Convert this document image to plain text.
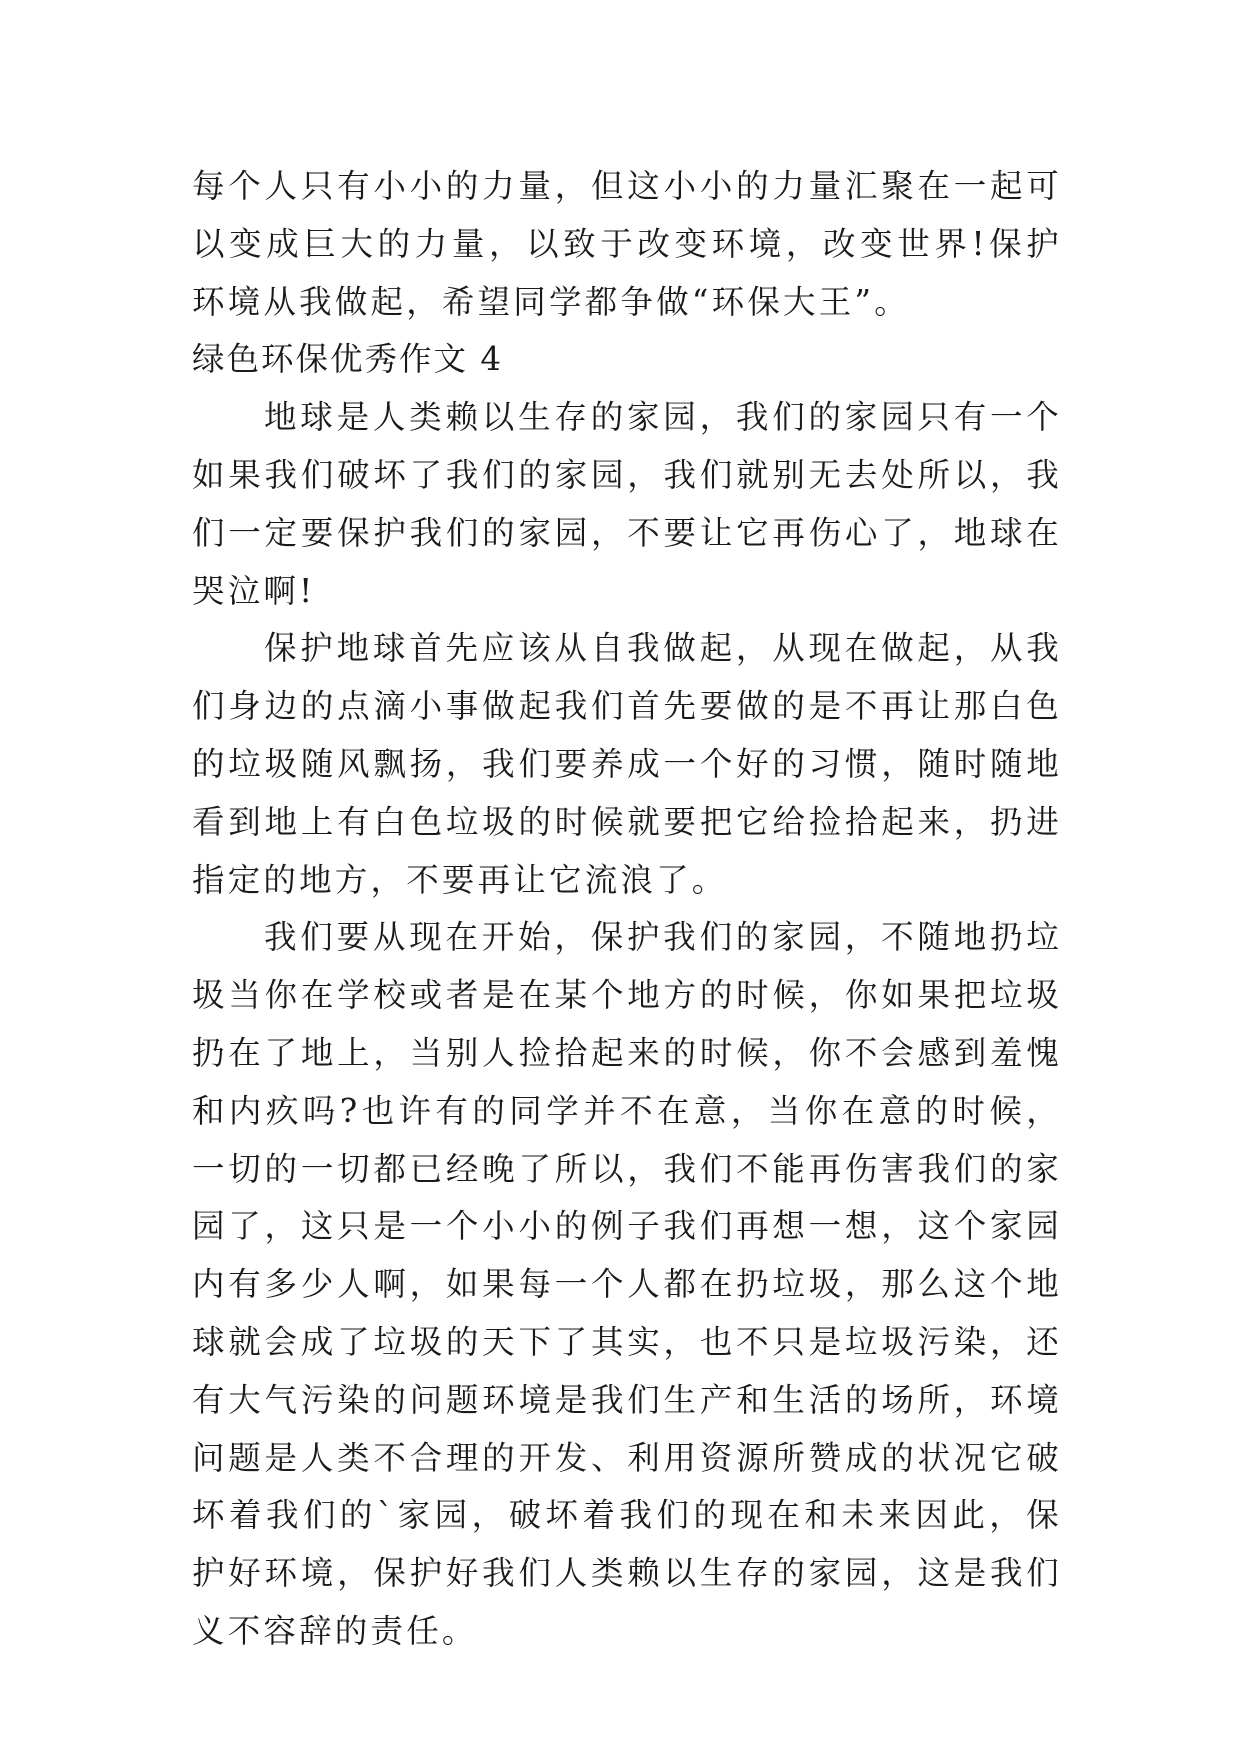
每个人只有小小的力量，但这小小的力量汇聚在一起可以变成巨大的力量，以致于改变环境，改变世界!保护环境从我做起，希望同学都争做“环保大王”。

绿色环保优秀作文 4

地球是人类赖以生存的家园，我们的家园只有一个如果我们破坏了我们的家园，我们就别无去处所以，我们一定要保护我们的家园，不要让它再伤心了，地球在哭泣啊!

保护地球首先应该从自我做起，从现在做起，从我们身边的点滴小事做起我们首先要做的是不再让那白色的垃圾随风飘扬，我们要养成一个好的习惯，随时随地看到地上有白色垃圾的时候就要把它给捡拾起来，扔进指定的地方，不要再让它流浪了。

我们要从现在开始，保护我们的家园，不随地扔垃圾当你在学校或者是在某个地方的时候，你如果把垃圾扔在了地上，当别人捡拾起来的时候，你不会感到羞愧和内疚吗?也许有的同学并不在意，当你在意的时候，一切的一切都已经晚了所以，我们不能再伤害我们的家园了，这只是一个小小的例子我们再想一想，这个家园内有多少人啊，如果每一个人都在扔垃圾，那么这个地球就会成了垃圾的天下了其实，也不只是垃圾污染，还有大气污染的问题环境是我们生产和生活的场所，环境问题是人类不合理的开发、利用资源所赞成的状况它破坏着我们的`家园，破坏着我们的现在和未来因此，保护好环境，保护好我们人类赖以生存的家园，这是我们义不容辞的责任。
